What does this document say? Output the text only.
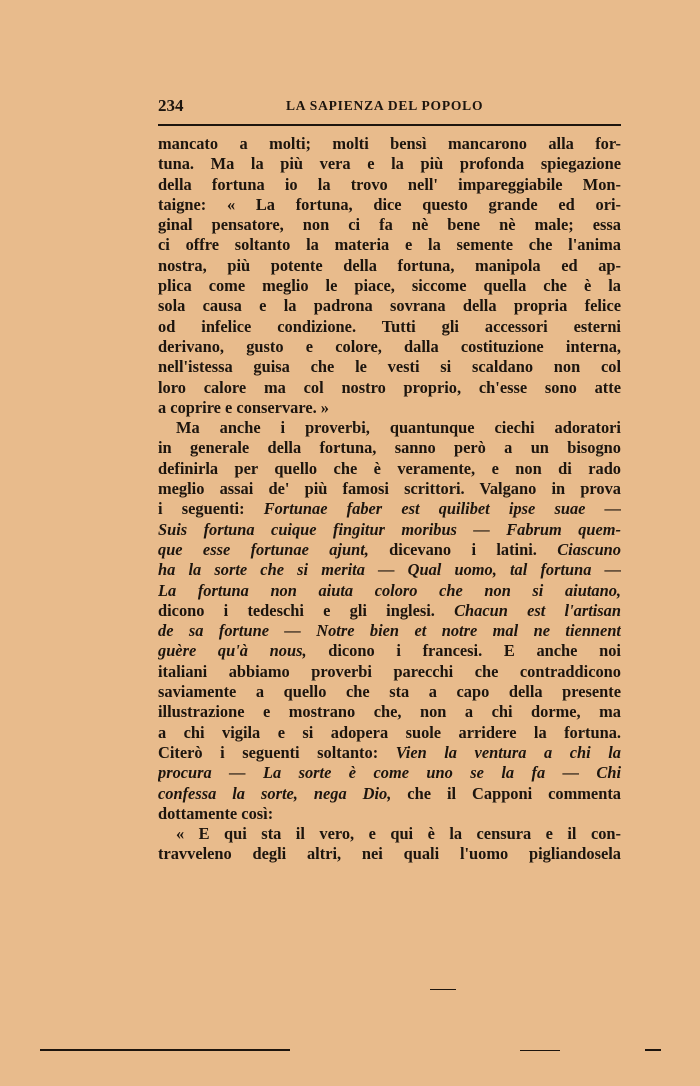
234	LA SAPIENZA DEL POPOLO
mancato a molti; molti bensì mancarono alla for-
tuna. Ma la più vera e la più profonda spiegazione
della fortuna io la trovo nell' impareggiabile Mon-
taigne: « La fortuna, dice questo grande ed ori-
ginal pensatore, non ci fa nè bene nè male; essa
ci offre soltanto la materia e la semente che l'anima
nostra, più potente della fortuna, manipola ed ap-
plica come meglio le piace, siccome quella che è la
sola causa e la padrona sovrana della propria felice
od infelice condizione. Tutti gli accessori esterni
derivano, gusto e colore, dalla costituzione interna,
nell'istessa guisa che le vesti si scaldano non col
loro calore ma col nostro proprio, ch'esse sono atte
a coprire e conservare. »
Ma anche i proverbi, quantunque ciechi adoratori
in generale della fortuna, sanno però a un bisogno
definirla per quello che è veramente, e non di rado
meglio assai de' più famosi scrittori. Valgano in prova
i seguenti: Fortunae faber est quilibet ipse suae —
Suis fortuna cuique fingitur moribus — Fabrum quem-
que esse fortunae ajunt, dicevano i latini. Ciascuno
ha la sorte che si merita — Qual uomo, tal fortuna —
La fortuna non aiuta coloro che non si aiutano,
dicono i tedeschi e gli inglesi. Chacun est l'artisan
de sa fortune — Notre bien et notre mal ne tiennent
guère qu'à nous, dicono i francesi. E anche noi
italiani abbiamo proverbi parecchi che contraddicono
saviamente a quello che sta a capo della presente
illustrazione e mostrano che, non a chi dorme, ma
a chi vigila e si adopera suole arridere la fortuna.
Citerò i seguenti soltanto: Vien la ventura a chi la
procura — La sorte è come uno se la fa — Chi
confessa la sorte, nega Dio, che il Capponi commenta
dottamente così:
« E qui sta il vero, e qui è la censura e il con-
travveleno degli altri, nei quali l'uomo pigliandosela
